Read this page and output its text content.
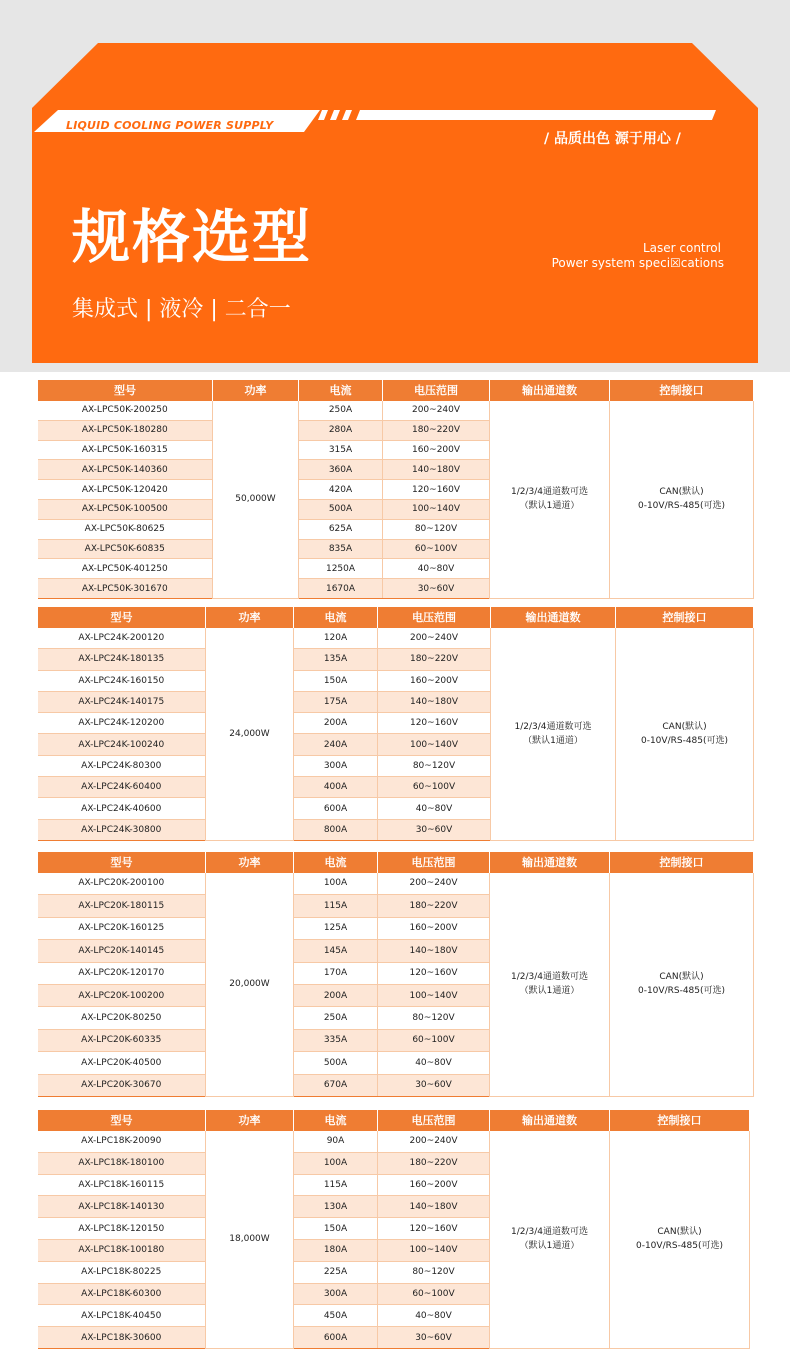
LIQUID COOLING POWER SUPPLY
/ 品质出色 源于用心 /
规格选型	Laser control
Power system speci☒cations
集成式 | 液冷 | 二合一
型号	功率	电流	电压范围	输出通道数	控制接口
AX-LPC50K-200250	50,000W	250A	200~240V	1/2/3/4通道数可选
（默认1通道）	CAN(默认)
0-10V/RS-485(可选)
AX-LPC50K-180280		280A	180~220V		
AX-LPC50K-160315		315A	160~200V		
AX-LPC50K-140360		360A	140~180V		
AX-LPC50K-120420		420A	120~160V		
AX-LPC50K-100500		500A	100~140V		
AX-LPC50K-80625		625A	80~120V		
AX-LPC50K-60835		835A	60~100V		
AX-LPC50K-401250		1250A	40~80V		
AX-LPC50K-301670		1670A	30~60V		
型号	功率	电流	电压范围	输出通道数	控制接口
AX-LPC24K-200120	24,000W	120A	200~240V	1/2/3/4通道数可选
（默认1通道）	CAN(默认)
0-10V/RS-485(可选)
AX-LPC24K-180135		135A	180~220V		
AX-LPC24K-160150		150A	160~200V		
AX-LPC24K-140175		175A	140~180V		
AX-LPC24K-120200		200A	120~160V		
AX-LPC24K-100240		240A	100~140V		
AX-LPC24K-80300		300A	80~120V		
AX-LPC24K-60400		400A	60~100V		
AX-LPC24K-40600		600A	40~80V		
AX-LPC24K-30800		800A	30~60V		
型号	功率	电流	电压范围	输出通道数	控制接口
AX-LPC20K-200100	20,000W	100A	200~240V	1/2/3/4通道数可选
（默认1通道）	CAN(默认)
0-10V/RS-485(可选)
AX-LPC20K-180115		115A	180~220V		
AX-LPC20K-160125		125A	160~200V		
AX-LPC20K-140145		145A	140~180V		
AX-LPC20K-120170		170A	120~160V		
AX-LPC20K-100200		200A	100~140V		
AX-LPC20K-80250		250A	80~120V		
AX-LPC20K-60335		335A	60~100V		
AX-LPC20K-40500		500A	40~80V		
AX-LPC20K-30670		670A	30~60V		
型号	功率	电流	电压范围	输出通道数	控制接口
AX-LPC18K-20090	18,000W	90A	200~240V	1/2/3/4通道数可选
（默认1通道）	CAN(默认)
0-10V/RS-485(可选)
AX-LPC18K-180100		100A	180~220V		
AX-LPC18K-160115		115A	160~200V		
AX-LPC18K-140130		130A	140~180V		
AX-LPC18K-120150		150A	120~160V		
AX-LPC18K-100180		180A	100~140V		
AX-LPC18K-80225		225A	80~120V		
AX-LPC18K-60300		300A	60~100V		
AX-LPC18K-40450		450A	40~80V		
AX-LPC18K-30600		600A	30~60V		
